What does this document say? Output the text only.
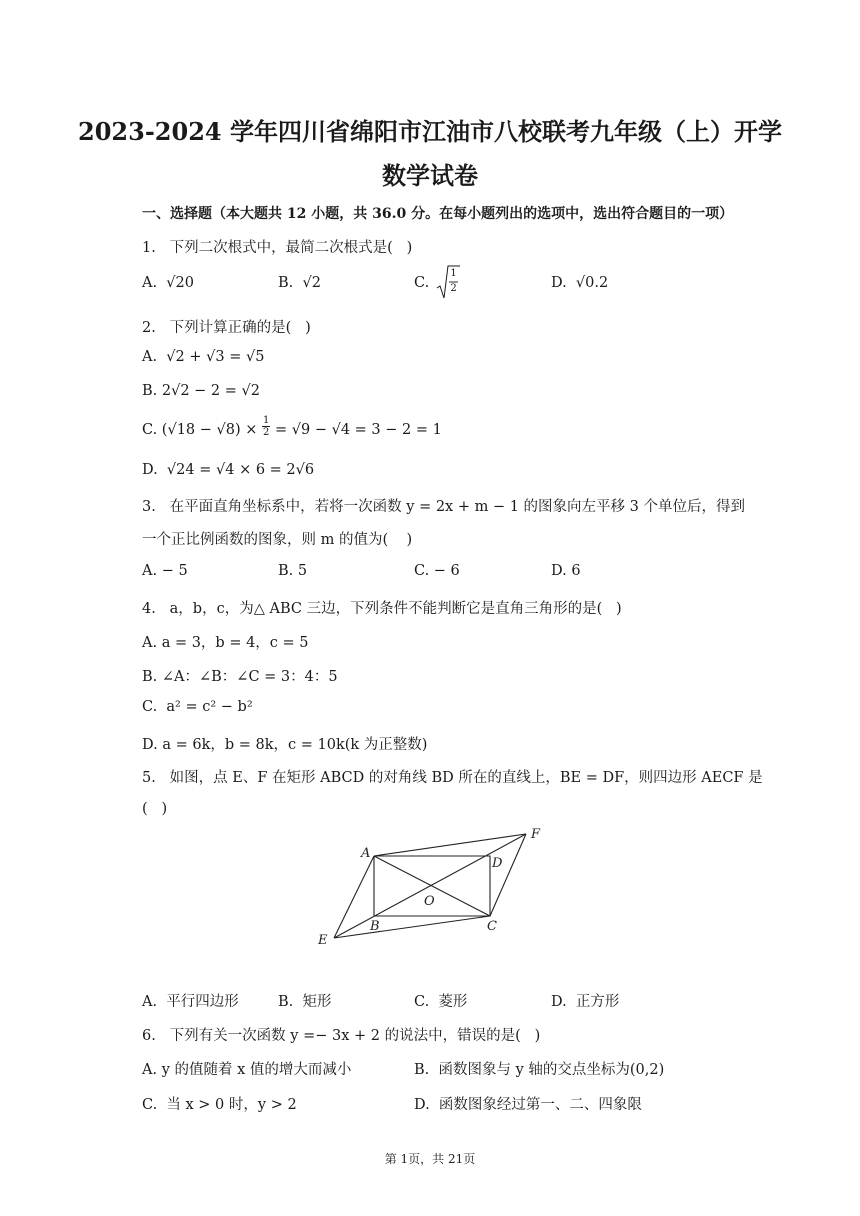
2023-2024 学年四川省绵阳市江油市八校联考九年级（上）开学
数学试卷
一、选择题（本大题共 12 小题，共 36.0 分。在每小题列出的选项中，选出符合题目的一项）
1.   下列二次根式中，最简二次根式是(   )
A.  √20	B.  √2	C.
1
2	D.  √0.2
2.   下列计算正确的是(   )
A.  √2 + √3 = √5
B. 2√2 − 2 = √2
C. $(√18 - √8) \times \frac{1}{2} = √9 - √4 = 3 - 2 = 1$
D.  √24 = √4 × 6 = 2√6
3.   在平面直角坐标系中，若将一次函数 y = 2x + m − 1 的图象向左平移 3 个单位后，得到
一个正比例函数的图象，则 m 的值为(    )
A. − 5	B. 5	C. − 6	D. 6
4.   a，b，c，为△ ABC 三边，下列条件不能判断它是直角三角形的是(   )
A. a = 3，b = 4，c = 5
B. ∠A：∠B：∠C = 3：4：5
C.  a² = c² − b²
D. a = 6k，b = 8k，c = 10k(k 为正整数)
5.   如图，点 E、F 在矩形 ABCD 的对角线 BD 所在的直线上，BE = DF，则四边形 AECF 是
(   )
A
D
F
O
B	C
E
A.  平行四边形	B.  矩形	C.  菱形	D.  正方形
6.   下列有关一次函数 y =− 3x + 2 的说法中，错误的是(   )
A. y 的值随着 x 值的增大而减小	B.  函数图象与 y 轴的交点坐标为(0,2)
C.  当 x > 0 时，y > 2	D.  函数图象经过第一、二、四象限
第 1页，共 21页
